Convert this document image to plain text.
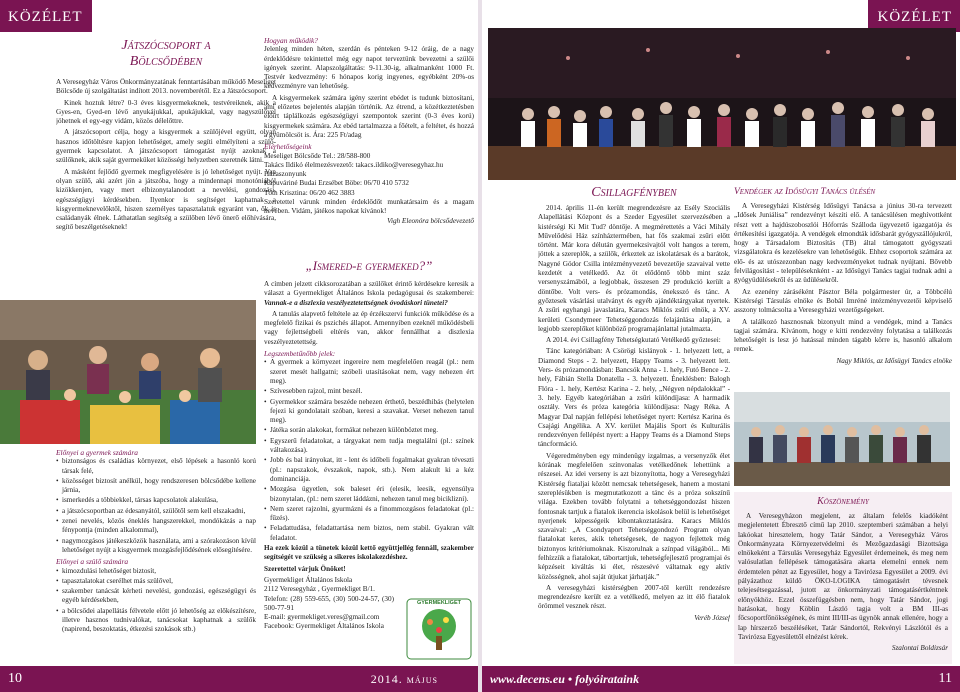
KÖZÉLET
Játszócsoport a
Bölcsődében

A Veresegyház Város Önkormányzatának fenntartásában működő Meseliget Bölcsőde új szolgáltatást indított 2013. novemberétől. Ez a Játszócsoport.

Kinek hoztuk létre? 0-3 éves kisgyermekeknek, testvéreiknek, akik a Gyes-en, Gyed-en lévő anyukájukkal, apukájukkal, vagy nagyszülővel jöhetnek el egy-egy vidám, közös délelőttre.

A játszócsoport célja, hogy a kisgyermek a szülőjével együtt, olyan hasznos időtöltésre kapjon lehetőséget, amely segíti elmélyíteni a szülő-gyermek kapcsolatot. A játszócsoport támogatást nyújt azoknak a szülőknek, akik saját gyermeküket közösségi helyzetben szeretnék látni.

A másként fejlődő gyermek megfigyelésére is jó lehetőséget nyújt. Van olyan szülő, aki azért jön a játszóba, hogy a mindennapi monotóniából kizökkenjen, vagy mert elbizonytalanodott a nevelési, gondozási, egészségügyi kérdésekben. Ilyenkor is segítséget kaphatnak a kisgyermeknevelőktől, hiszen személyes tapasztalatuk egyaránt van, ők is családanyák élnek. Láthatatlan segítség a szülőben lévő önerő előhívására, segítő beszélgetéseknek!

Előnyei a gyermek számára
• biztonságos és családias környezet, első lépések a hasonló korú társak felé,
• közösséget biztosít anélkül, hogy rendszeresen bölcsődébe kellene járnia,
• ismerkedés a többiekkel, társas kapcsolatok alakulása,
• a játszócsoportban az édesanyától, szülőtől sem kell elszakadni,
• zenei nevelés, közös éneklés hangszerekkel, mondókázás a nap fénypontja (minden alkalommal),
• nagymozgásos játékeszközök használata, ami a szórakozáson kívül lehetőséget nyújt a kisgyermek mozgásfejlődésének elősegítésére.
Előnyei a szülő számára
• kimozdulási lehetőséget biztosít,
• tapasztalatokat cserélhet más szülővel,
• szakember tanácsát kérheti nevelési, gondozási, egészségügyi és egyéb kérdésekben,
• a bölcsődei alapellátás félvetele előtt jó lehetőség az előkészítésre, illetve hasznos tudnivalókat, tanácsokat kaphatnak a szülők (napirend, beszoktatás, étkezési szokások stb.)
Hogyan működik?

Jelenleg minden héten, szerdán és pénteken 9-12 óráig, de a nagy érdeklődésre tekintettel még egy napot terveztünk bevezetni a szülői igények szerint. Alapszolgáltatás: 9-11.30-ig, alkalmanként 1000 Ft. Testvér kedvezmény: 6 hónapos korig ingyenes, egyébként 20%-os kedvezményre van lehetőség.

A kisgyermekek számára igény szerint ebédet is tudunk biztosítani, ami előzetes bejelentés alapján történik. Az étrend, a közétkeztetésben előírt táplálkozás egészségügyi szempontok szerint (0-3 éves korú) kisgyermekek számára. Az ebéd tartalmazza a főételt, a feltétet, és hozzá a gyümölcsöt is. Ára: 225 Ft/adag

Elérhetőségeink
Meseliget Bölcsőde Tel.: 28/588-800
Takács Ildikó élelmezésvezető: takacs.ildiko@veresegyhaz.hu
Házaszonyunk
Kapuváriné Budai Erzsébet Böbe: 06/70 410 5732
Tóth Krisztina: 06/20 462 3883
Szeretettel várunk minden érdeklődőt munkatársaim és a magam nevében. Vidám, játékos napokat kívánok!
Vigh Eleonóra bölcsődevezető
„Ismered-e gyermeked?”

A címben jelzett cikksorozatában a szülőket érintő kérdésekre keresik a választ a Gyermekliget Általános Iskola pedagógusai és szakemberei: Vannak-e a diszlexia veszélyeztetettségnek óvodáskori tünetei?

A tanulás alapvető feltétele az ép érzékszervi funkciók működése és a megfelelő fizikai és pszichés állapot. Amennyiben ezeknél működésbeli vagy fejlettségbeli eltérés van, akkor fennállhat a diszlexia veszélyeztetettség.

Legszembetűnőbb jelek:
• A gyermek a környezet ingereire nem megfelelően reagál (pl.: nem szeret mesét hallgatni; szóbeli utasításokat nem, vagy nehezen ért meg).
• Szívesebben rajzol, mint beszél.
• Gyermekkor számára beszéde nehezen érthető, beszédhibás (helytelen fejezi ki gondolatait szóban, keresi a szavakat. Verset nehezen tanul meg).
• Játéka során alakokat, formákat nehezen különböztet meg.
• Egyszerű feladatokat, a tárgyakat nem tudja megtalálni (pl.: színek váltakozása).
• Jobb és bal irányokat, itt - lent és időbeli fogalmakat gyakran téveszti (pl.: napszakok, évszakok, napok, stb.). Nem alakult ki a kéz dominanciája.
• Mozgása ügyetlen, sok baleset éri (elesik, leesik, egyensúlya bizonytalan, (pl.: nem szeret láddázni, nehezen tanul meg biciklizni).
• Nem szeret rajzolni, gyurmázni és a finommozgásos feladatokat (pl.: fűzés).
• Feladattudása, feladattartása nem biztos, nem stabil. Gyakran vált feladatot.

Ha ezek közül a tünetek közül kettő együttjellég fennáll, szakember segítségét ve szükség a sikeres iskolakezdéshez.

Szeretettel várjuk Önöket!

Gyermekliget Általános Iskola
2112 Veresegyház , Gyermekliget B/1.
Telefon: (28) 559-655, (30) 500-24-57, (30) 500-77-91
E-mail: gyermekliget.veres@gmail.com
Facebook: Gyermekliget Általános Iskola
GYERMEKLIGET
10	2014. május
KÖZÉLET
Csillagfényben

2014. április 11-én került megrendezésre az Esély Szociális Alapellátási Központ és a Szeder Egyesület szervezésében a kistérségi Ki Mit Tud? döntője. A megmérettetés a Váci Mihály Művelődési Ház színháztermében, hat fős szakmai zsűri előtt történt. Már kora délután gyermekzsivajtól volt hangos a terem, jöttek a szereplők, a szülők, érkeztek az iskolatársak és a barátok, Nagyné Gödor Csilla intézményvezető bevezetője szavaival vette kezdetét a vetélkedő. Az öt elődöntő több mint száz versenyszámából, a legjobbak, összesen 29 produkció került a döntőbe. Volt vers- és prózamondás, éneksszó és tánc. A győztesek vásárlási utalványt és egyéb ajándéktárgyakat nyertek. A zsűri egyhangú javaslatára, Karacs Miklós zsűri elnök, a XV. kerületi Csondymeer Tehetséggondozás felajánlása alapján, a legjobb szereplőket különböző programajánlattal jutalmazta.

A 2014. évi Csillagfény Tehetségkutató Vetélkedő győztesei:

Tánc kategóriában: A Csörögi kislányok - 1. helyezett lett, a Diamond Steps - 2. helyezett, Happy Teams - 3. helyezett lett. Vers- és prózamondásban: Bancsók Anna - 1. hely, Futó Bence - 2. hely, Fábián Stella Donatella - 3. helyezett. Éneklésben: Balogh Flóra - 1. hely, Kertész Karina - 2. hely, „Négyen népdalokkal” - 3. hely. Egyéb kategóriában a zsűri különdíjasa: A harmadik osztály. Vers és próza kategória különdíjasa: Nagy Réka. A Magyar Dal napján fellépési lehetőséget nyert: Kertész Karina és Csajági Angélika. A XV. kerület Majális Sport és Kulturális rendezvényen fellépést nyert: a Happy Teams és a Diamond Steps táncformáció.

Végeredményben egy mindenügy izgalmas, a versenyzők élet kórának megfelelően színvonalas vetélkedőnek lehettünk a részesei. Az idei verseny is azt bizonyította, hogy a Veresegyházi Kistérség fiataljai között nemcsak tehetségesek, hanem a mostani szereplésükben is megmutatkozott a tánc és a próza sokszínű világa. Ezekben tovább folytatni a tehetséggondozást hiszen fontosnak tartjuk a fiatalok ikerencia iskolások belül is lehetőséget nyerjenek képességeik kibontakoztatására. Karacs Miklós szavaival: „A Csondyaport Tehetséggondozó Program olyan fiatalokat keres, akik tehetségesek, de nagyon fejlettek még biztonyos kritériumoknak. Kiszorulnak a színpad világából... Mi felhízzük a fiatalokat, tábortartjuk, tehetségfejlesztő programjai és képzéseit kiváltás ki élet, részesévé váltatnak egy aktív közösségnek, ahol saját útjukat járhatják.”

A veresegyházi kistérségben 2007-től került rendezésre megrendezésre került ez a vetélkedő, melyen az itt élő fiatalok örömmel vesznek részt.

Veréb József
Vendégek az Idősügyi Tanács ülésén

A Veresegyházi Kistérség Idősügyi Tanácsa a június 30-ra tervezett „Idősek Juniálisa” rendezvényt készíti elő. A tanácsülésen meghívottként részt vett a hajdúszoboszlói Hóforrás Szálloda ügyvezető igazgatója és értékesítési igazgatója. A vendégek elmondták idősbarát gyógyszállójukról, hogy a Társadalom Biztosítás (TB) által támogatott gyógyszati vizsgálatokra és kezelésekre van lehetőségük. Ehhez csoportok számára az elő- és az utószezonban nagy kedvezményeket tudnak nyújtani. Bővebb felvilágosítást - településeknként - az Idősügyi Tanács tagjai tudnak adni a gyógyüdülésekről és az üdülésekről.

Az ezenény záráséként Pásztor Béla polgármester úr, a Többcélú Kistérségi Társulás elnöke és Bobál Imréné intézményvezetői képviselő asszony tolmácsolta a Veresegyházi vezetőgségeket.

A találkozó hasznosnak bizonyult mind a vendégek, mind a Tanács tagjai számára. Kívánom, hogy e kitti rendezvény folytatása a találkozás lehetőségét is lesz jó hatással minden tágabb körre is, hasonló alkalom remek.

Nagy Miklós, az Idősügyi Tanács elnöke
Köszönemény

A Veresegyházon megjelent, az általam felelős kiadóként megjelentetett Ébresztő című lap 2010. szeptemberi számában a helyi lakóokat hiresztelem, hogy Tatár Sándor, a Veresegyház Város Önkormányzata Környezetvédelmi és Mezőgazdasági Bizottsága elnökeként a Társulás Veresegyház Egyesület érdemeinek, és meg nem valósulatlan fellépések támogatására akarta elemelni ennek nem érdemtelen pénzt az Egyesület, hogy a Tavirózsa Egyesület a 2009. évi pályázathoz küldő ÖKO-LOGIKA támogatásért tévesnek telejesétsegazással, jutott az önkormányzati támogatásértkéntnek előnyökhöz. Ezzel összefüggésben nem, hogy Tatár Sándor, jogi hatásokat, hogy Köblin László tagja volt a BM III-as főcsoportfőnökségének, és mint III/III-as ügynök annak ellenére, hogy a lap hírszerző beszéléséket, Tatár Sándortól, Rekvényi Lászlótól és a Tavirózsa Egyesülettől elnézést kérek.

Szalontai Boldizsár
www.decens.eu • folyóirataink	11
